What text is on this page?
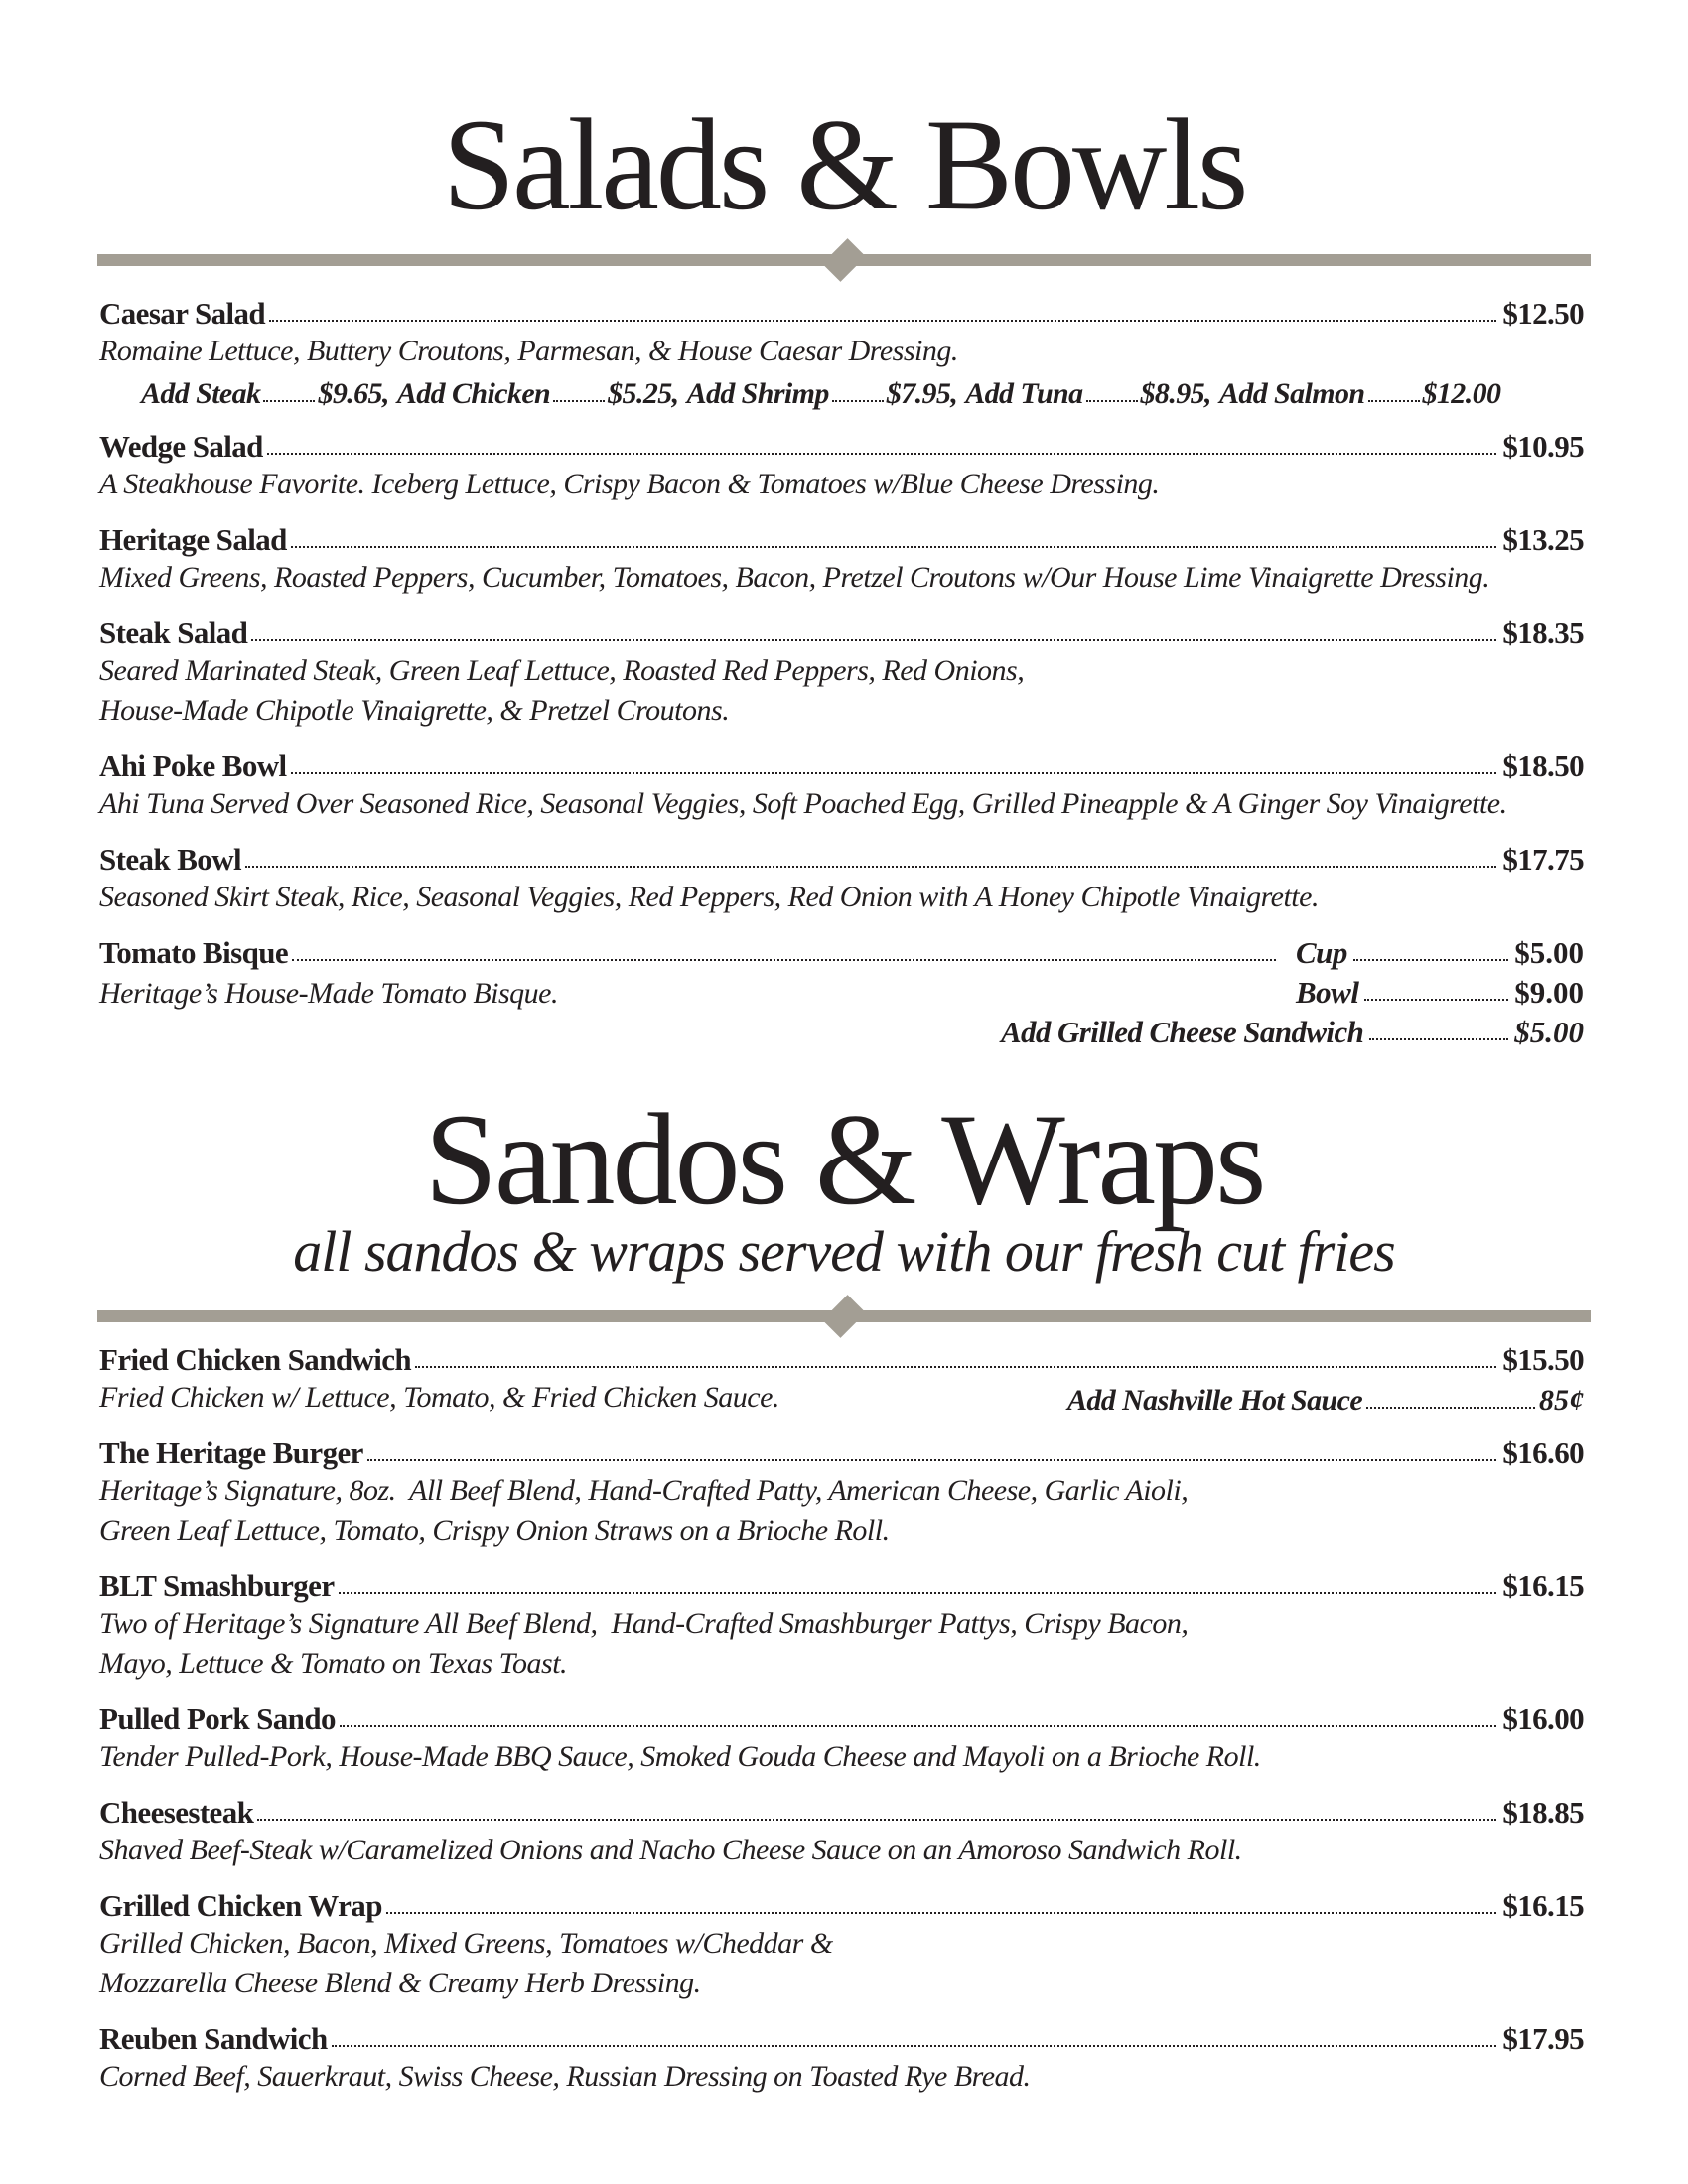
Salads & Bowls
Caesar Salad	$12.50
Romaine Lettuce, Buttery Croutons, Parmesan, & House Caesar Dressing.
Add Steak $9.65 , Add Chicken $5.25 , Add Shrimp $7.95 , Add Tuna $8.95 , Add Salmon $12.00
Wedge Salad	$10.95
A Steakhouse Favorite. Iceberg Lettuce, Crispy Bacon & Tomatoes w/Blue Cheese Dressing.
Heritage Salad	$13.25
Mixed Greens, Roasted Peppers, Cucumber, Tomatoes, Bacon, Pretzel Croutons w/Our House Lime Vinaigrette Dressing.
Steak Salad	$18.35
Seared Marinated Steak, Green Leaf Lettuce, Roasted Red Peppers, Red Onions,
House-Made Chipotle Vinaigrette, & Pretzel Croutons.
Ahi Poke Bowl	$18.50
Ahi Tuna Served Over Seasoned Rice, Seasonal Veggies, Soft Poached Egg, Grilled Pineapple & A Ginger Soy Vinaigrette.
Steak Bowl	$17.75
Seasoned Skirt Steak, Rice, Seasonal Veggies, Red Peppers, Red Onion with A Honey Chipotle Vinaigrette.
Tomato Bisque	Cup	$5.00
Heritage’s House-Made Tomato Bisque.	Bowl	$9.00
Add Grilled Cheese Sandwich	$5.00
Sandos & Wraps
all sandos & wraps served with our fresh cut fries
Fried Chicken Sandwich	$15.50
Fried Chicken w/ Lettuce, Tomato, & Fried Chicken Sauce.	Add Nashville Hot Sauce	85¢
The Heritage Burger	$16.60
Heritage’s Signature, 8oz.  All Beef Blend, Hand-Crafted Patty, American Cheese, Garlic Aioli,
Green Leaf Lettuce, Tomato, Crispy Onion Straws on a Brioche Roll.
BLT Smashburger	$16.15
Two of Heritage’s Signature All Beef Blend,  Hand-Crafted Smashburger Pattys, Crispy Bacon,
Mayo, Lettuce & Tomato on Texas Toast.
Pulled Pork Sando	$16.00
Tender Pulled-Pork, House-Made BBQ Sauce, Smoked Gouda Cheese and Mayoli on a Brioche Roll.
Cheesesteak	$18.85
Shaved Beef-Steak w/Caramelized Onions and Nacho Cheese Sauce on an Amoroso Sandwich Roll.
Grilled Chicken Wrap	$16.15
Grilled Chicken, Bacon, Mixed Greens, Tomatoes w/Cheddar &
Mozzarella Cheese Blend & Creamy Herb Dressing.
Reuben Sandwich	$17.95
Corned Beef, Sauerkraut, Swiss Cheese, Russian Dressing on Toasted Rye Bread.
